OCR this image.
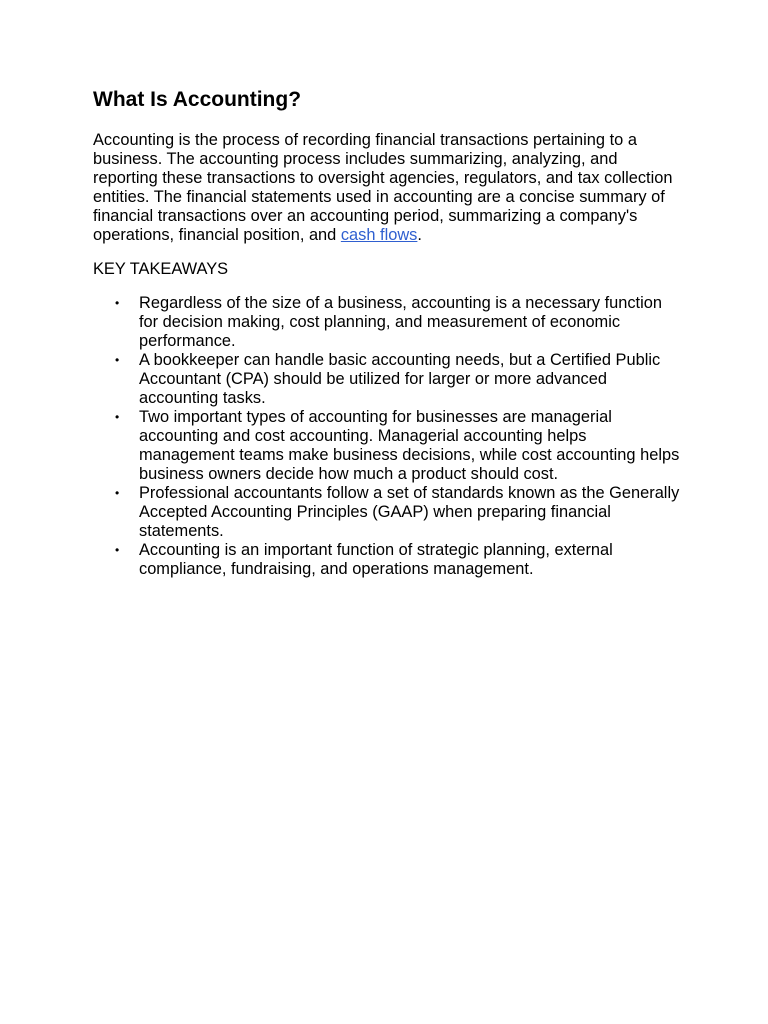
What Is Accounting?

Accounting is the process of recording financial transactions pertaining to a business. The accounting process includes summarizing, analyzing, and reporting these transactions to oversight agencies, regulators, and tax collection entities. The financial statements used in accounting are a concise summary of financial transactions over an accounting period, summarizing a company's operations, financial position, and cash flows.

KEY TAKEAWAYS
• Regardless of the size of a business, accounting is a necessary function for decision making, cost planning, and measurement of economic performance.
• A bookkeeper can handle basic accounting needs, but a Certified Public Accountant (CPA) should be utilized for larger or more advanced accounting tasks.
• Two important types of accounting for businesses are managerial accounting and cost accounting. Managerial accounting helps management teams make business decisions, while cost accounting helps business owners decide how much a product should cost.
• Professional accountants follow a set of standards known as the Generally Accepted Accounting Principles (GAAP) when preparing financial statements.
• Accounting is an important function of strategic planning, external compliance, fundraising, and operations management.
